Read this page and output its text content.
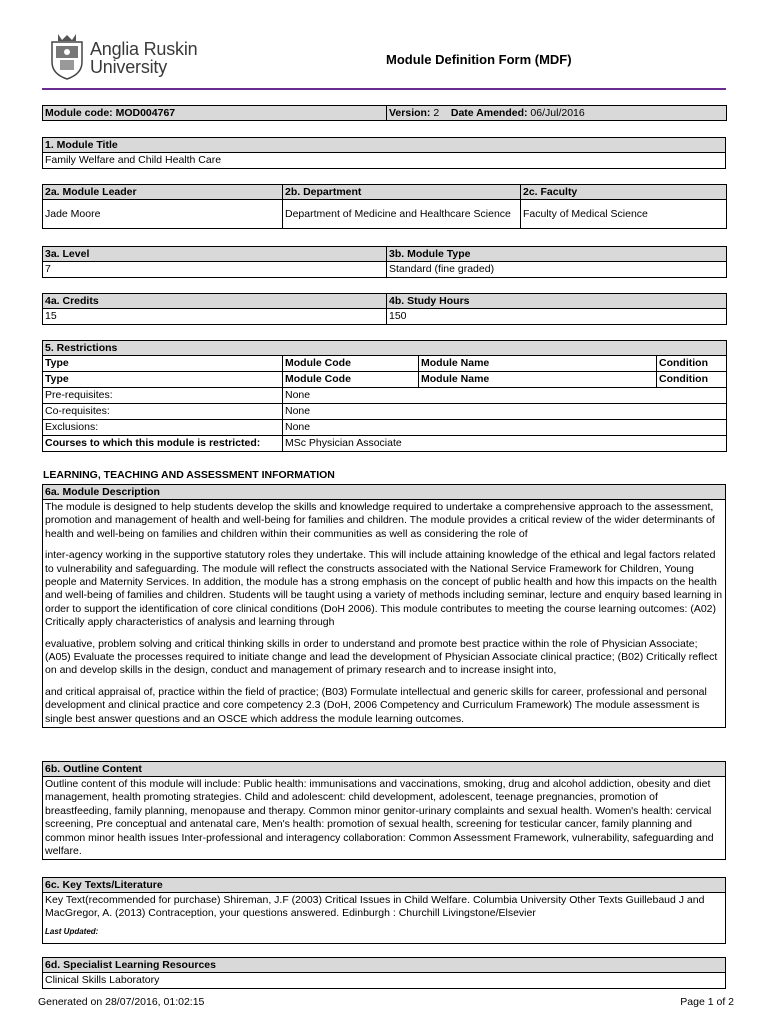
Anglia Ruskin
University	Module Definition Form (MDF)
Module code: MOD004767	Version: 2 Date Amended: 06/Jul/2016
1. Module Title
Family Welfare and Child Health Care
2a. Module Leader	2b. Department	2c. Faculty
Jade Moore	Department of Medicine and Healthcare Science	Faculty of Medical Science
3a. Level	3b. Module Type
7	Standard (fine graded)
4a. Credits	4b. Study Hours
15	150
5. Restrictions			
Type	Module Code	Module Name	Condition
Type	Module Code	Module Name	Condition
Pre-requisites:	None		
Co-requisites:	None		
Exclusions:	None		
Courses to which this module is restricted:	MSc Physician Associate		
LEARNING, TEACHING AND ASSESSMENT INFORMATION
6a. Module Description

The module is designed to help students develop the skills and knowledge required to undertake a comprehensive approach to the assessment, promotion and management of health and well-being for families and children. The module provides a critical review of the wider determinants of health and well-being on families and children within their communities as well as considering the role of

inter-agency working in the supportive statutory roles they undertake. This will include attaining knowledge of the ethical and legal factors related to vulnerability and safeguarding. The module will reflect the constructs associated with the National Service Framework for Children, Young people and Maternity Services. In addition, the module has a strong emphasis on the concept of public health and how this impacts on the health and well-being of families and children. Students will be taught using a variety of methods including seminar, lecture and enquiry based learning in order to support the identification of core clinical conditions (DoH 2006). This module contributes to meeting the course learning outcomes: (A02) Critically apply characteristics of analysis and learning through

evaluative, problem solving and critical thinking skills in order to understand and promote best practice within the role of Physician Associate; (A05) Evaluate the processes required to initiate change and lead the development of Physician Associate clinical practice; (B02) Critically reflect on and develop skills in the design, conduct and management of primary research and to increase insight into,

and critical appraisal of, practice within the field of practice; (B03) Formulate intellectual and generic skills for career, professional and personal development and clinical practice and core competency 2.3 (DoH, 2006 Competency and Curriculum Framework) The module assessment is single best answer questions and an OSCE which address the module learning outcomes.

6b. Outline Content
Outline content of this module will include: Public health: immunisations and vaccinations, smoking, drug and alcohol addiction, obesity and diet management, health promoting strategies. Child and adolescent: child development, adolescent, teenage pregnancies, promotion of breastfeeding, family planning, menopause and therapy. Common minor genitor-urinary complaints and sexual health. Women's health: cervical screening, Pre conceptual and antenatal care, Men's health: promotion of sexual health, screening for testicular cancer, family planning and common minor health issues Inter-professional and interagency collaboration: Common Assessment Framework, vulnerability, safeguarding and welfare.
6c. Key Texts/Literature

Key Text(recommended for purchase) Shireman, J.F (2003) Critical Issues in Child Welfare. Columbia University Other Texts Guillebaud J and MacGregor, A. (2013) Contraception, your questions answered. Edinburgh : Churchill Livingstone/Elsevier

Last Updated:

6d. Specialist Learning Resources
Clinical Skills Laboratory
Generated on 28/07/2016, 01:02:15	Page 1 of 2
